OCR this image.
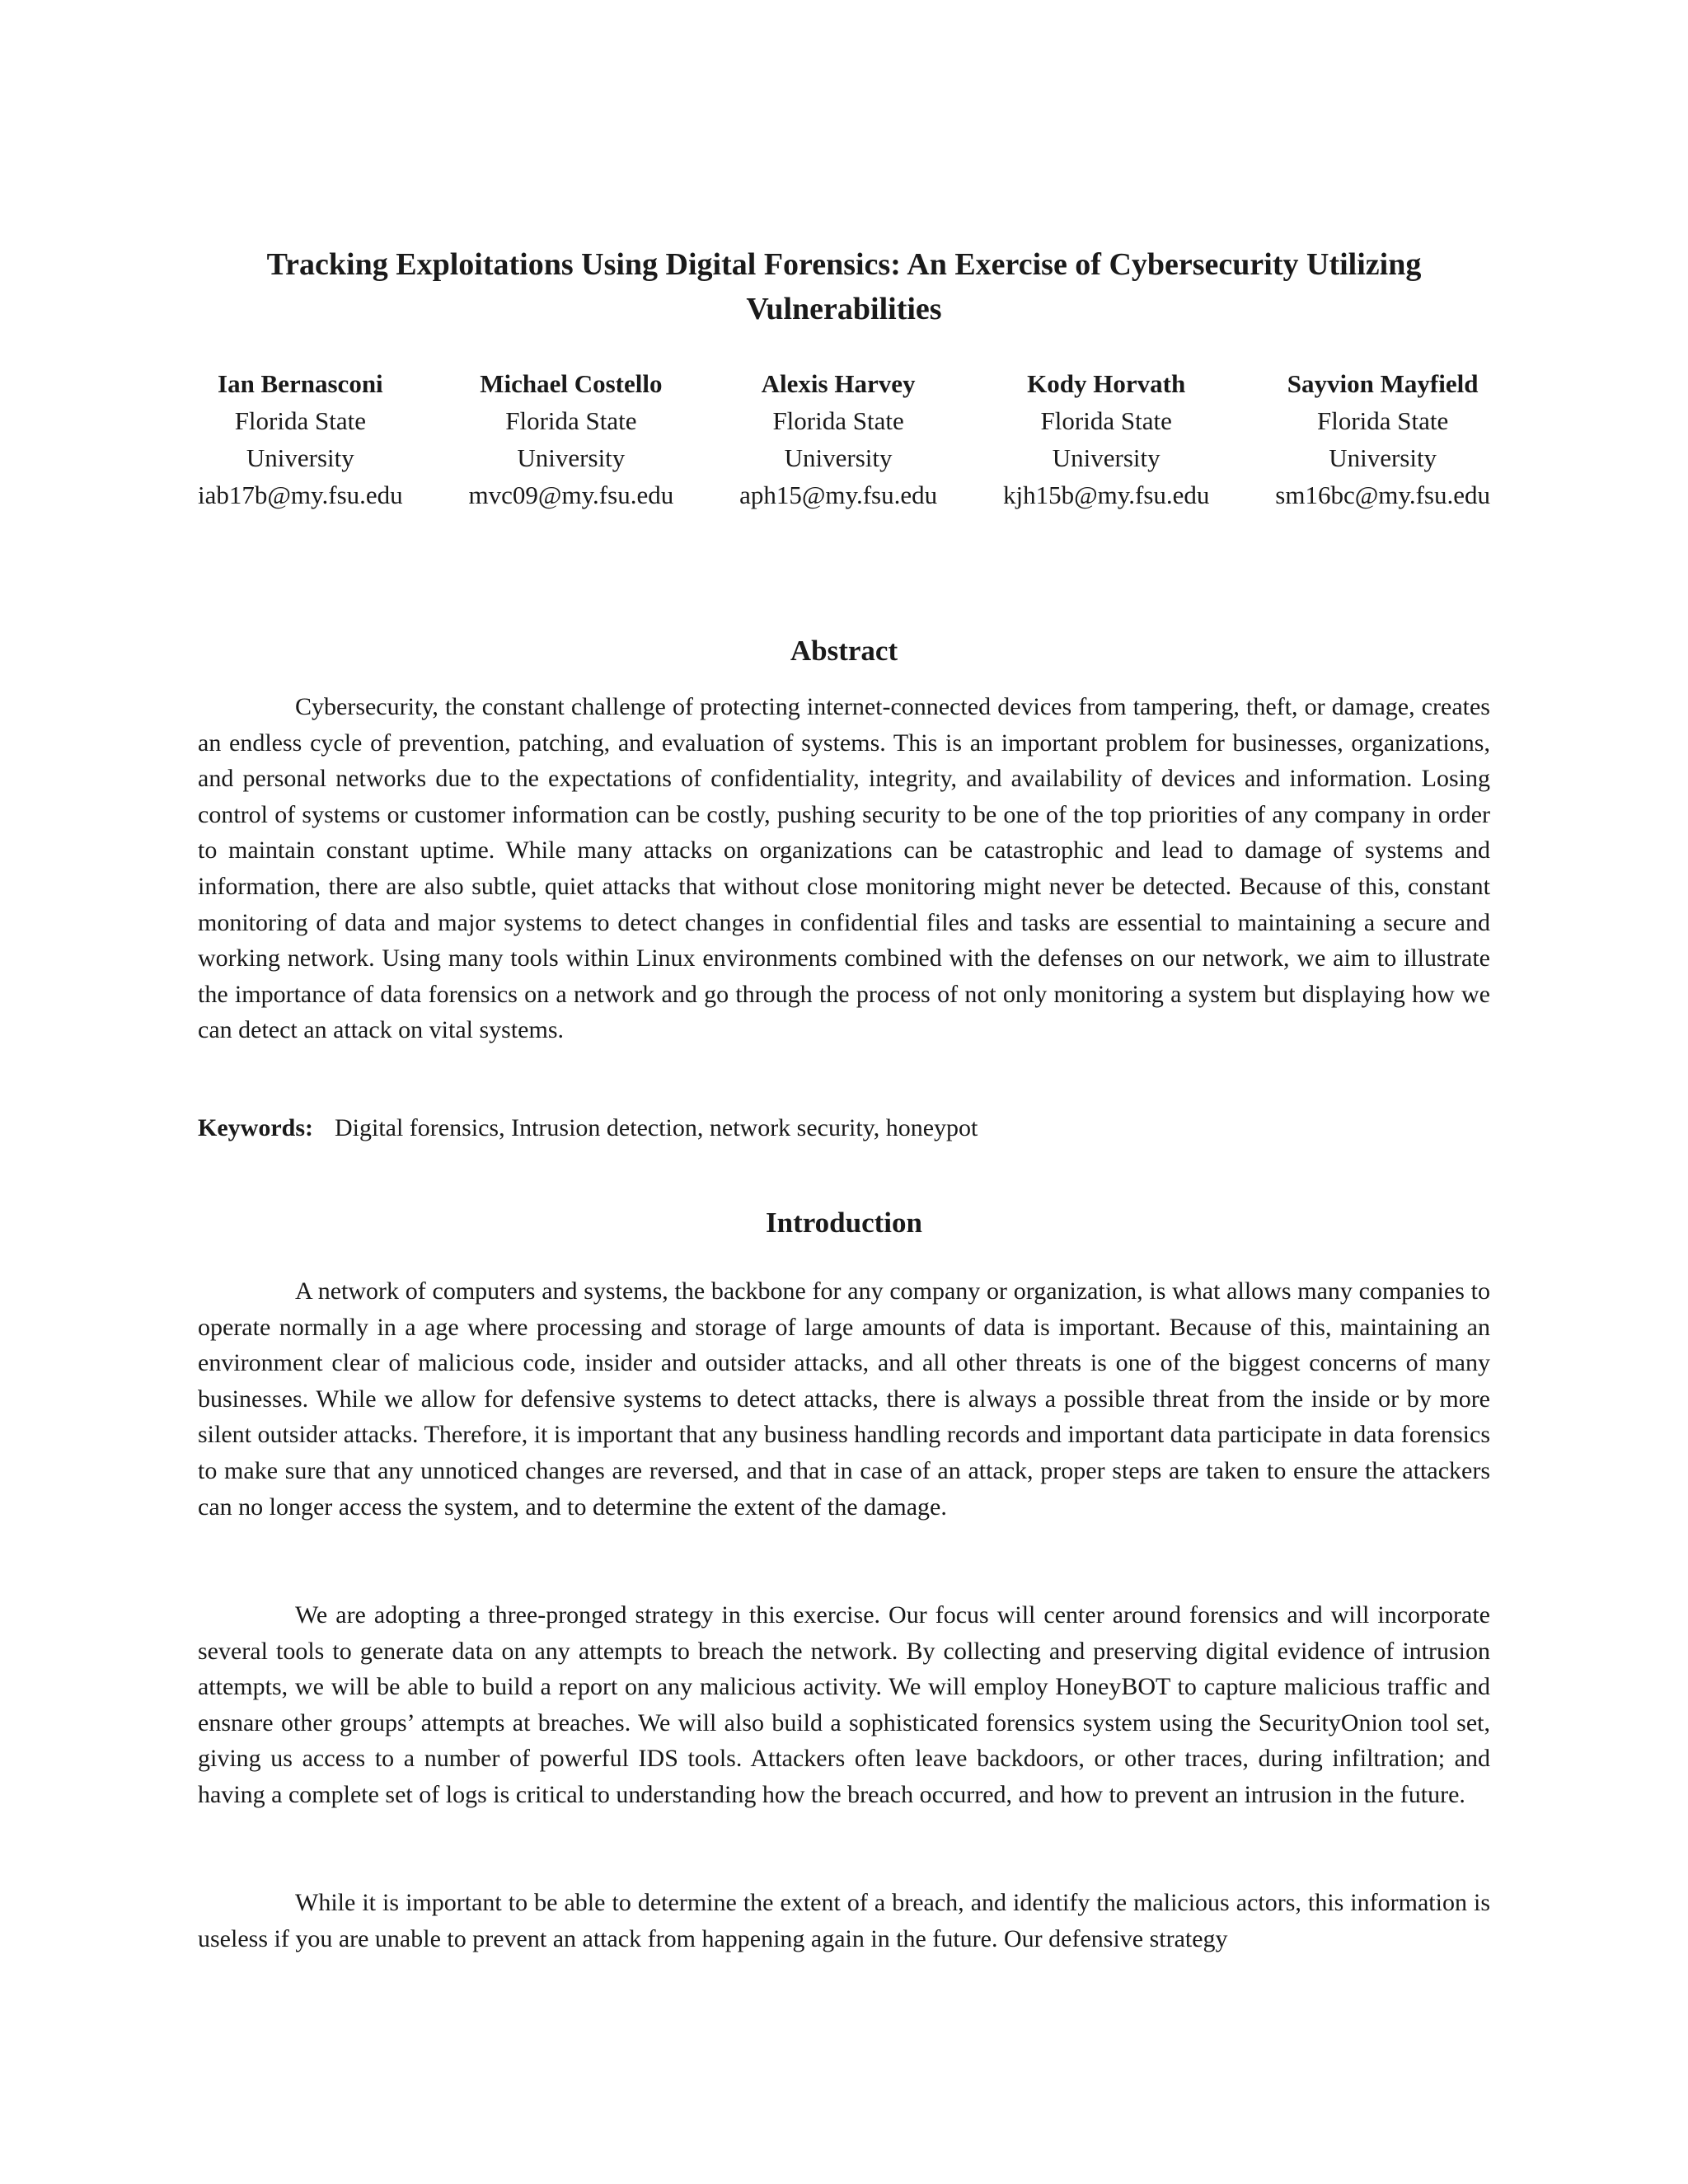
Tracking Exploitations Using Digital Forensics: An Exercise of Cybersecurity Utilizing Vulnerabilities
Ian Bernasconi
Florida State
University
iab17b@my.fsu.edu
Michael Costello
Florida State
University
mvc09@my.fsu.edu
Alexis Harvey
Florida State
University
aph15@my.fsu.edu
Kody Horvath
Florida State
University
kjh15b@my.fsu.edu
Sayvion Mayfield
Florida State
University
sm16bc@my.fsu.edu
Abstract

Cybersecurity, the constant challenge of protecting internet-connected devices from tampering, theft, or damage, creates an endless cycle of prevention, patching, and evaluation of systems. This is an important problem for businesses, organizations, and personal networks due to the expectations of confidentiality, integrity, and availability of devices and information. Losing control of systems or customer information can be costly, pushing security to be one of the top priorities of any company in order to maintain constant uptime. While many attacks on organizations can be catastrophic and lead to damage of systems and information, there are also subtle, quiet attacks that without close monitoring might never be detected. Because of this, constant monitoring of data and major systems to detect changes in confidential files and tasks are essential to maintaining a secure and working network. Using many tools within Linux environments combined with the defenses on our network, we aim to illustrate the importance of data forensics on a network and go through the process of not only monitoring a system but displaying how we can detect an attack on vital systems.

Keywords: Digital forensics, Intrusion detection, network security, honeypot

Introduction

A network of computers and systems, the backbone for any company or organization, is what allows many companies to operate normally in a age where processing and storage of large amounts of data is important. Because of this, maintaining an environment clear of malicious code, insider and outsider attacks, and all other threats is one of the biggest concerns of many businesses. While we allow for defensive systems to detect attacks, there is always a possible threat from the inside or by more silent outsider attacks. Therefore, it is important that any business handling records and important data participate in data forensics to make sure that any unnoticed changes are reversed, and that in case of an attack, proper steps are taken to ensure the attackers can no longer access the system, and to determine the extent of the damage.

We are adopting a three-pronged strategy in this exercise. Our focus will center around forensics and will incorporate several tools to generate data on any attempts to breach the network. By collecting and preserving digital evidence of intrusion attempts, we will be able to build a report on any malicious activity. We will employ HoneyBOT to capture malicious traffic and ensnare other groups’ attempts at breaches. We will also build a sophisticated forensics system using the SecurityOnion tool set, giving us access to a number of powerful IDS tools. Attackers often leave backdoors, or other traces, during infiltration; and having a complete set of logs is critical to understanding how the breach occurred, and how to prevent an intrusion in the future.

While it is important to be able to determine the extent of a breach, and identify the malicious actors, this information is useless if you are unable to prevent an attack from happening again in the future. Our defensive strategy
